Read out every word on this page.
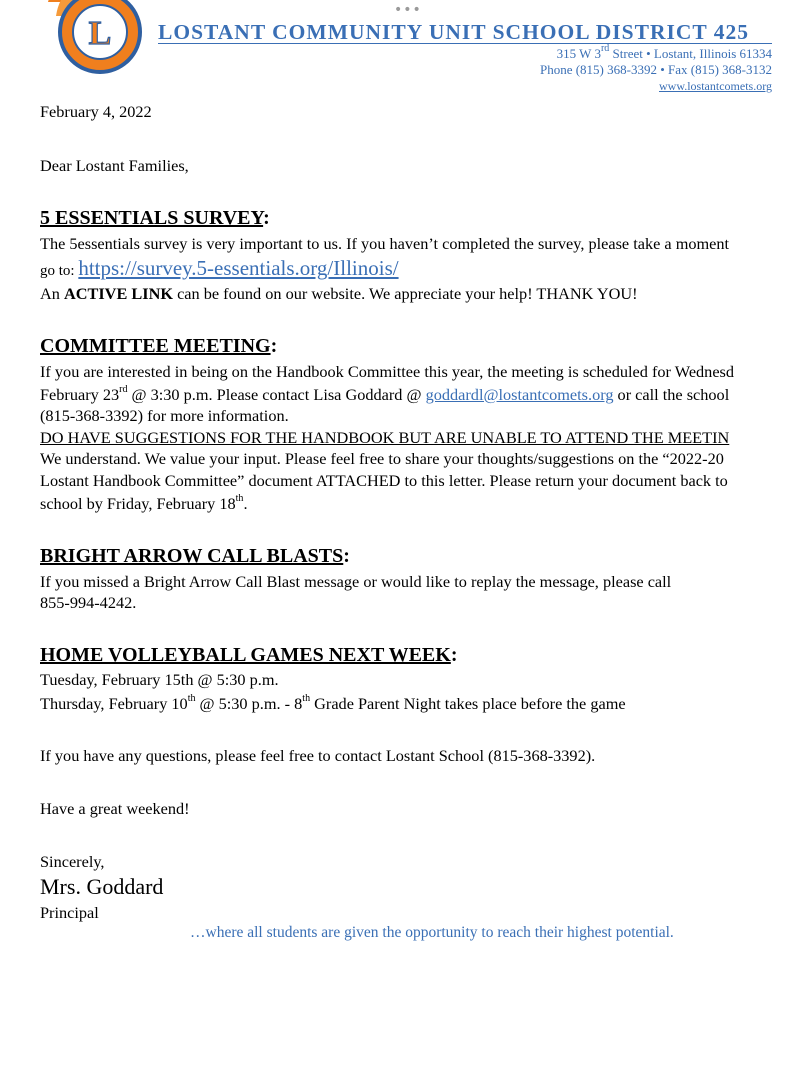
L
•••
LOSTANT COMMUNITY UNIT SCHOOL DISTRICT 425
315 W 3rd Street • Lostant, Illinois 61334
Phone (815) 368-3392 • Fax (815) 368-3132
www.lostantcomets.org
February 4, 2022
Dear Lostant Families,
5 ESSENTIALS SURVEY:
The 5essentials survey is very important to us. If you haven’t completed the survey, please take a moment
go to: https://survey.5-essentials.org/Illinois/
An ACTIVE LINK can be found on our website. We appreciate your help! THANK YOU!
COMMITTEE MEETING:
If you are interested in being on the Handbook Committee this year, the meeting is scheduled for Wednesd
February 23rd @ 3:30 p.m. Please contact Lisa Goddard @ goddardl@lostantcomets.org or call the school
(815-368-3392) for more information.
DO HAVE SUGGESTIONS FOR THE HANDBOOK BUT ARE UNABLE TO ATTEND THE MEETIN
We understand. We value your input. Please feel free to share your thoughts/suggestions on the “2022-20
Lostant Handbook Committee” document ATTACHED to this letter. Please return your document back to
school by Friday, February 18th.
BRIGHT ARROW CALL BLASTS:
If you missed a Bright Arrow Call Blast message or would like to replay the message, please call
855-994-4242.
HOME VOLLEYBALL GAMES NEXT WEEK:
Tuesday, February 15th @ 5:30 p.m.
Thursday, February 10th @ 5:30 p.m. - 8th Grade Parent Night takes place before the game
If you have any questions, please feel free to contact Lostant School (815-368-3392).
Have a great weekend!
Sincerely,
Mrs. Goddard
Principal
…where all students are given the opportunity to reach their highest potential.
